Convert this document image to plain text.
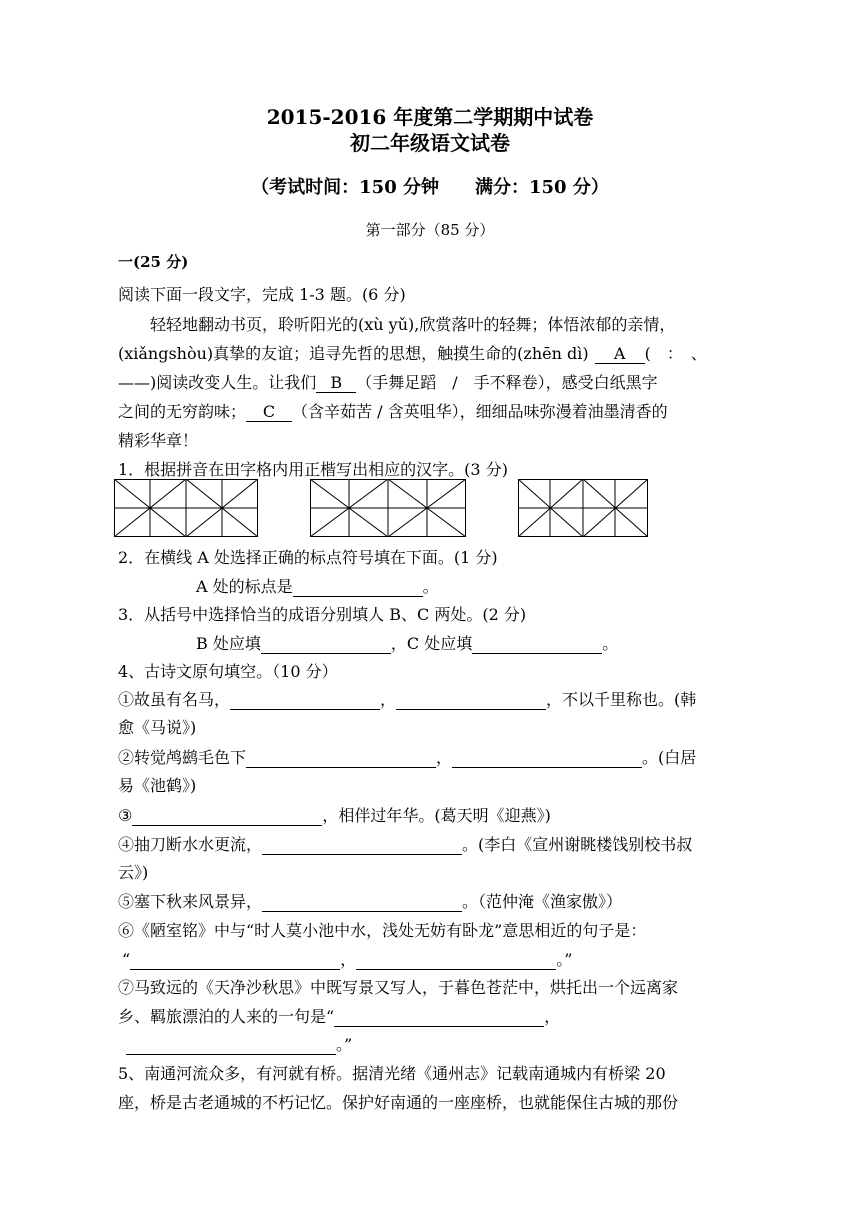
2015-2016 年度第二学期期中试卷
初二年级语文试卷
（考试时间：150 分钟　　满分：150 分）
第一部分（85 分）
一(25 分)
阅读下面一段文字，完成 1-3 题。(6 分)
轻轻地翻动书页，聆听阳光的(xù yǔ),欣赏落叶的轻舞；体悟浓郁的亲情，
(xiǎngshòu)真挚的友谊；追寻先哲的思想，触摸生命的(zhēn dì) A (　：　、
——)阅读改变人生。让我们 B （手舞足蹈　/　手不释卷），感受白纸黑字
之间的无穷韵味； C （含辛茹苦 / 含英咀华），细细品味弥漫着油墨清香的
精彩华章！
1．根据拼音在田字格内用正楷写出相应的汉字。(3 分)
2．在横线 A 处选择正确的标点符号填在下面。(1 分)
A 处的标点是	。
3．从括号中选择恰当的成语分别填人 B、C 两处。(2 分)
B 处应填	，C 处应填	。
4、古诗文原句填空。（10 分）
①故虽有名马，	，	，不以千里称也。(韩
愈《马说》)
②转觉鸬鹚毛色下	，	。(白居
易《池鹤》)
③	，相伴过年华。(葛天明《迎燕》)
④抽刀断水水更流，	。(李白《宣州谢眺楼饯别校书叔
云》)
⑤塞下秋来风景异，	。（范仲淹《渔家傲》）
⑥《陋室铭》中与“时人莫小池中水，浅处无妨有卧龙”意思相近的句子是：
“	，	。”
⑦马致远的《天净沙秋思》中既写景又写人，于暮色苍茫中，烘托出一个远离家
乡、羁旅漂泊的人来的一句是“	，
。”
5、南通河流众多，有河就有桥。据清光绪《通州志》记载南通城内有桥梁 20
座，桥是古老通城的不朽记忆。保护好南通的一座座桥，也就能保住古城的那份
